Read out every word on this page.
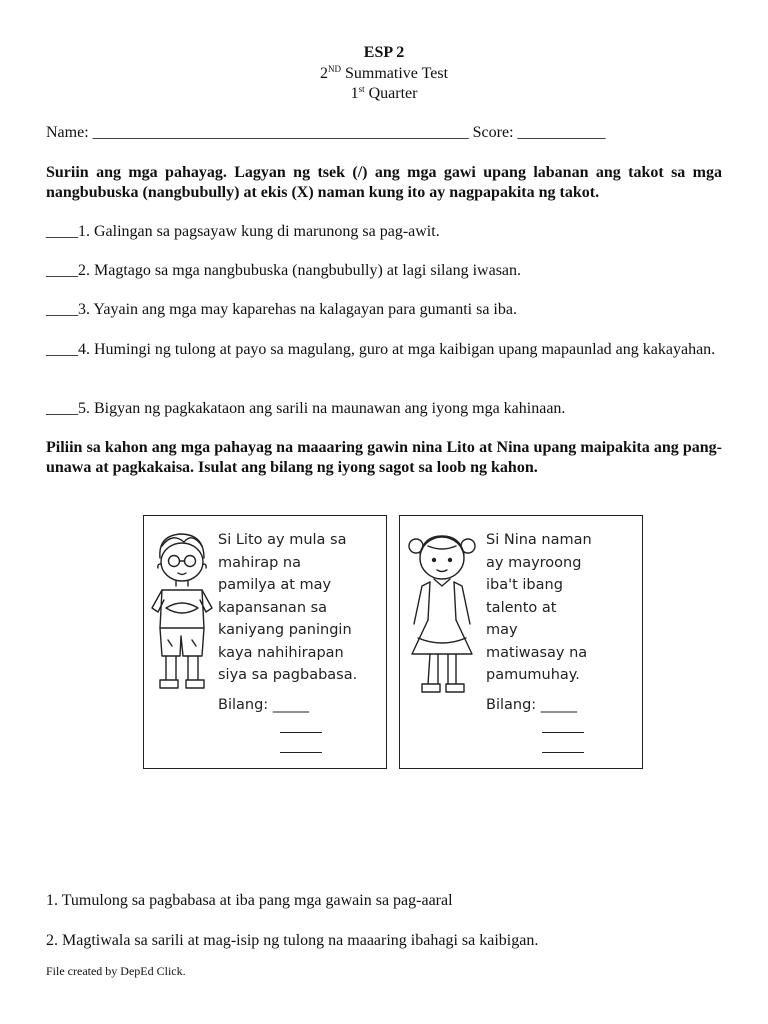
ESP 2
2ND Summative Test
1st Quarter
Name: _______________________________________________ Score: ___________
Suriin ang mga pahayag. Lagyan ng tsek (/) ang mga gawi upang labanan ang takot sa mga nangbubuska (nangbubully) at ekis (X) naman kung ito ay nagpapakita ng takot.
____1. Galingan sa pagsayaw kung di marunong sa pag-awit.
____2. Magtago sa mga nangbubuska (nangbubully) at lagi silang iwasan.
____3. Yayain ang mga may kaparehas na kalagayan para gumanti sa iba.
____4. Humingi ng tulong at payo sa magulang, guro at mga kaibigan upang mapaunlad ang kakayahan.
____5. Bigyan ng pagkakataon ang sarili na maunawan ang iyong mga kahinaan.
Piliin sa kahon ang mga pahayag na maaaring gawin nina Lito at Nina upang maipakita ang pang-unawa at pagkakaisa. Isulat ang bilang ng iyong sagot sa loob ng kahon.
Si Lito ay mula sa
mahirap na
pamilya at may
kapansanan sa
kaniyang paningin
kaya nahihirapan
siya sa pagbabasa.
Bilang: _____
Si Nina naman
ay mayroong
iba't ibang
talento at
may
matiwasay na
pamumuhay.
Bilang: _____
1. Tumulong sa pagbabasa at iba pang mga gawain sa pag-aaral
2. Magtiwala sa sarili at mag-isip ng tulong na maaaring ibahagi sa kaibigan.
File created by DepEd Click.
